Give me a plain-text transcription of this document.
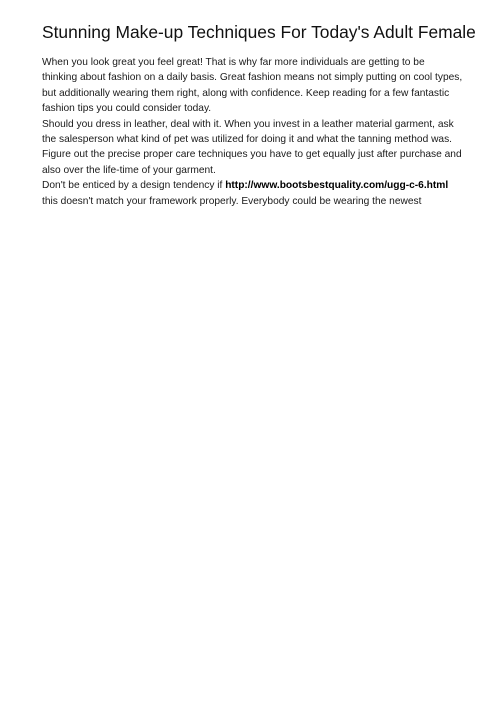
Stunning Make-up Techniques For Today's Adult Female
When you look great you feel great! That is why far more individuals are getting to be
thinking about fashion on a daily basis. Great fashion means not simply putting on cool types,
but additionally wearing them right, along with confidence. Keep reading for a few fantastic
fashion tips you could consider today.
Should you dress in leather, deal with it. When you invest in a leather material garment, ask
the salesperson what kind of pet was utilized for doing it and what the tanning method was.
Figure out the precise proper care techniques you have to get equally just after purchase and
also over the life-time of your garment.
Don't be enticed by a design tendency if http://www.bootsbestquality.com/ugg-c-6.html
this doesn't match your framework properly. Everybody could be wearing the newest
